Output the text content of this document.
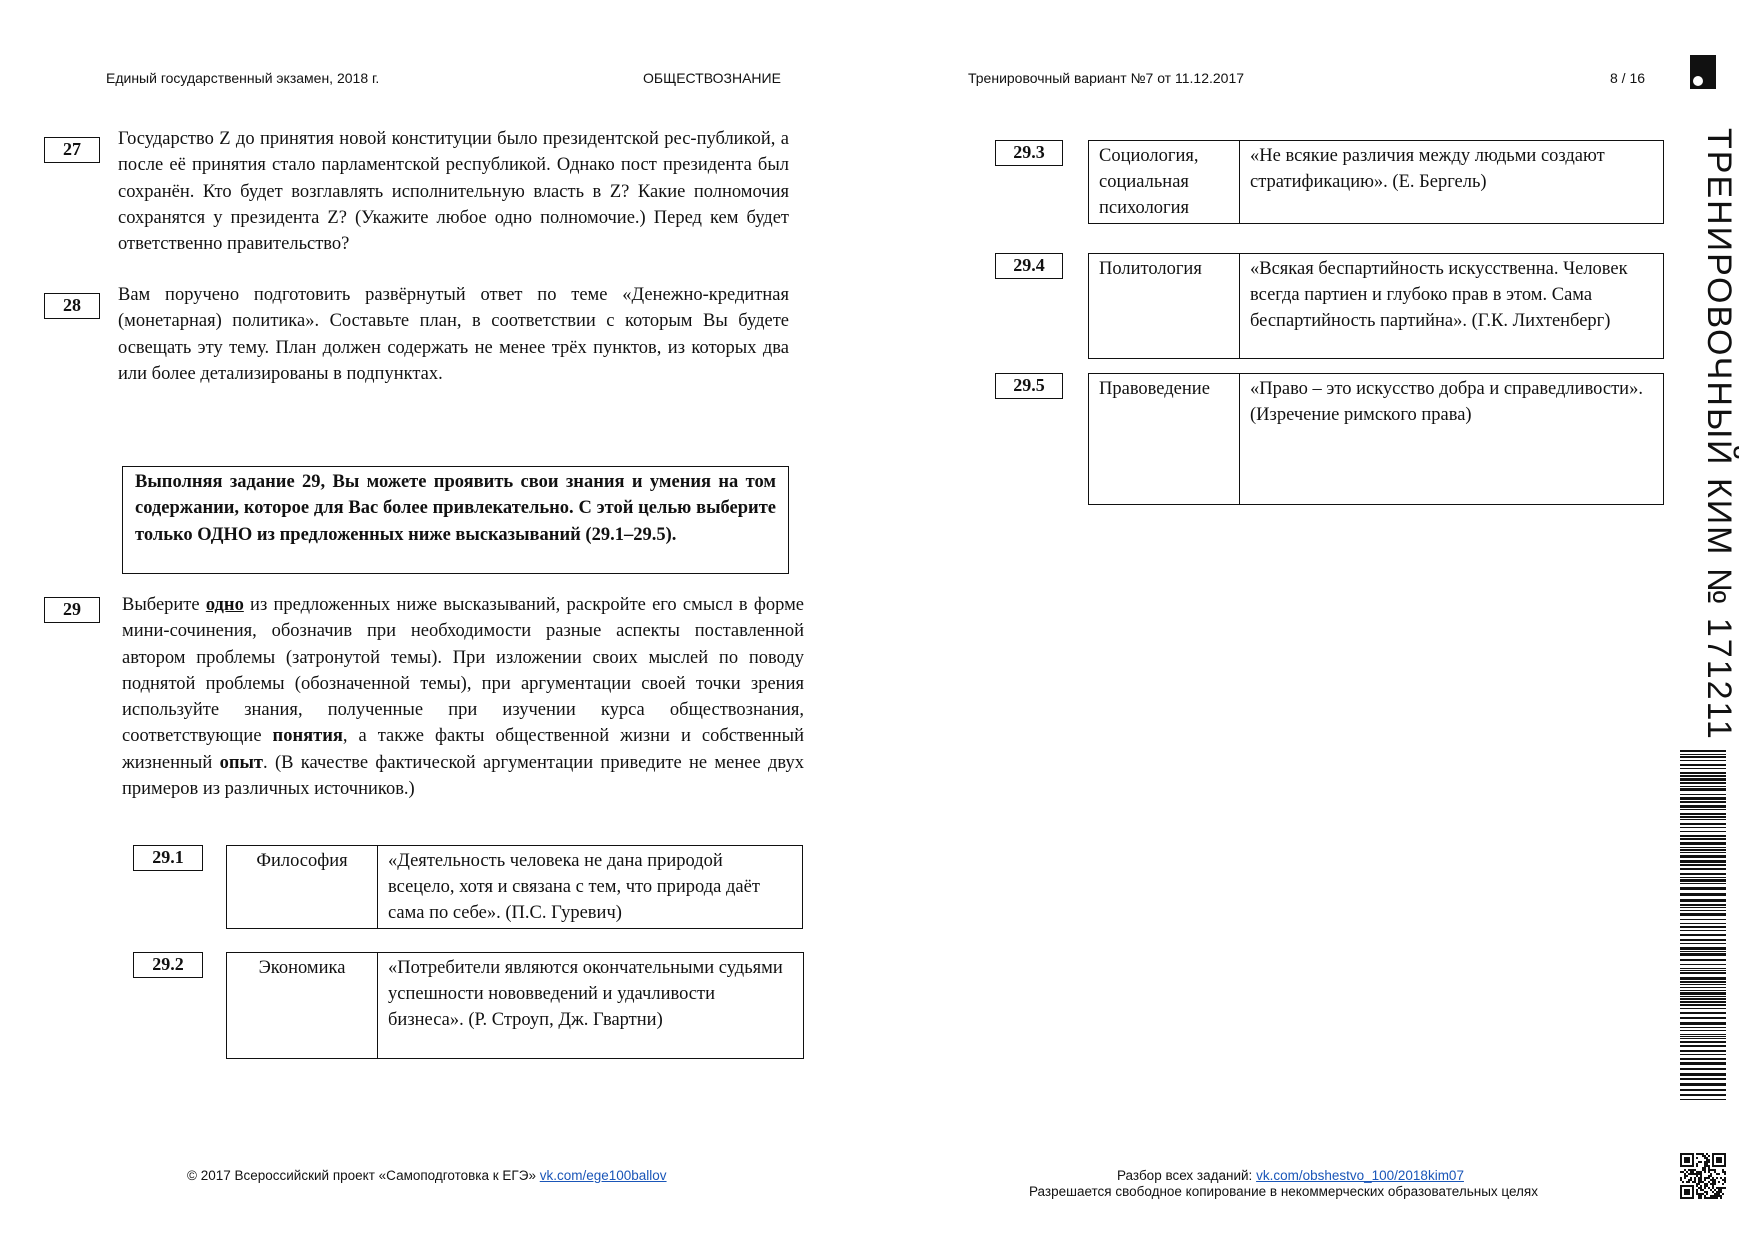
Единый государственный экзамен, 2018 г.	ОБЩЕСТВОЗНАНИЕ	Тренировочный вариант №7 от 11.12.2017	8 / 16
ТРЕНИРОВОЧНЫЙ КИМ № 171211
27	Государство Z до принятия новой конституции было президентской рес-публикой, а после её принятия стало парламентской республикой. Однако пост президента был сохранён. Кто будет возглавлять исполнительную власть в Z? Какие полномочия сохранятся у президента Z? (Укажите любое одно полномочие.) Перед кем будет ответственно правительство?
28	Вам поручено подготовить развёрнутый ответ по теме «Денежно-кредитная (монетарная) политика». Составьте план, в соответствии с которым Вы будете освещать эту тему. План должен содержать не менее трёх пунктов, из которых два или более детализированы в подпунктах.
Выполняя задание 29, Вы можете проявить свои знания и умения на том содержании, которое для Вас более привлекательно. С этой целью выберите только ОДНО из предложенных ниже высказываний (29.1–29.5).
29	Выберите одно из предложенных ниже высказываний, раскройте его смысл в форме мини-сочинения, обозначив при необходимости разные аспекты поставленной автором проблемы (затронутой темы). При изложении своих мыслей по поводу поднятой проблемы (обозначенной темы), при аргументации своей точки зрения используйте знания, полученные при изучении курса обществознания, соответствующие понятия, а также факты общественной жизни и собственный жизненный опыт. (В качестве фактической аргументации приведите не менее двух примеров из различных источников.)
29.1	Философия	«Деятельность человека не дана природой всецело, хотя и связана с тем, что природа даёт сама по себе». (П.С. Гуревич)
29.2	Экономика	«Потребители являются окончательными судьями успешности нововведений и удачливости бизнеса». (Р. Строуп, Дж. Гвартни)
29.3	Социология, социальная психология	«Не всякие различия между людьми создают стратификацию». (Е. Бергель)
29.4	Политология	«Всякая беспартийность искусственна. Человек всегда партиен и глубоко прав в этом. Сама беспартийность партийна». (Г.К. Лихтенберг)
29.5	Правоведение	«Право – это искусство добра и справедливости». (Изречение римского права)
© 2017 Всероссийский проект «Самоподготовка к ЕГЭ» vk.com/ege100ballov	Разбор всех заданий: vk.com/obshestvo_100/2018kim07
Разрешается свободное копирование в некоммерческих образовательных целях
